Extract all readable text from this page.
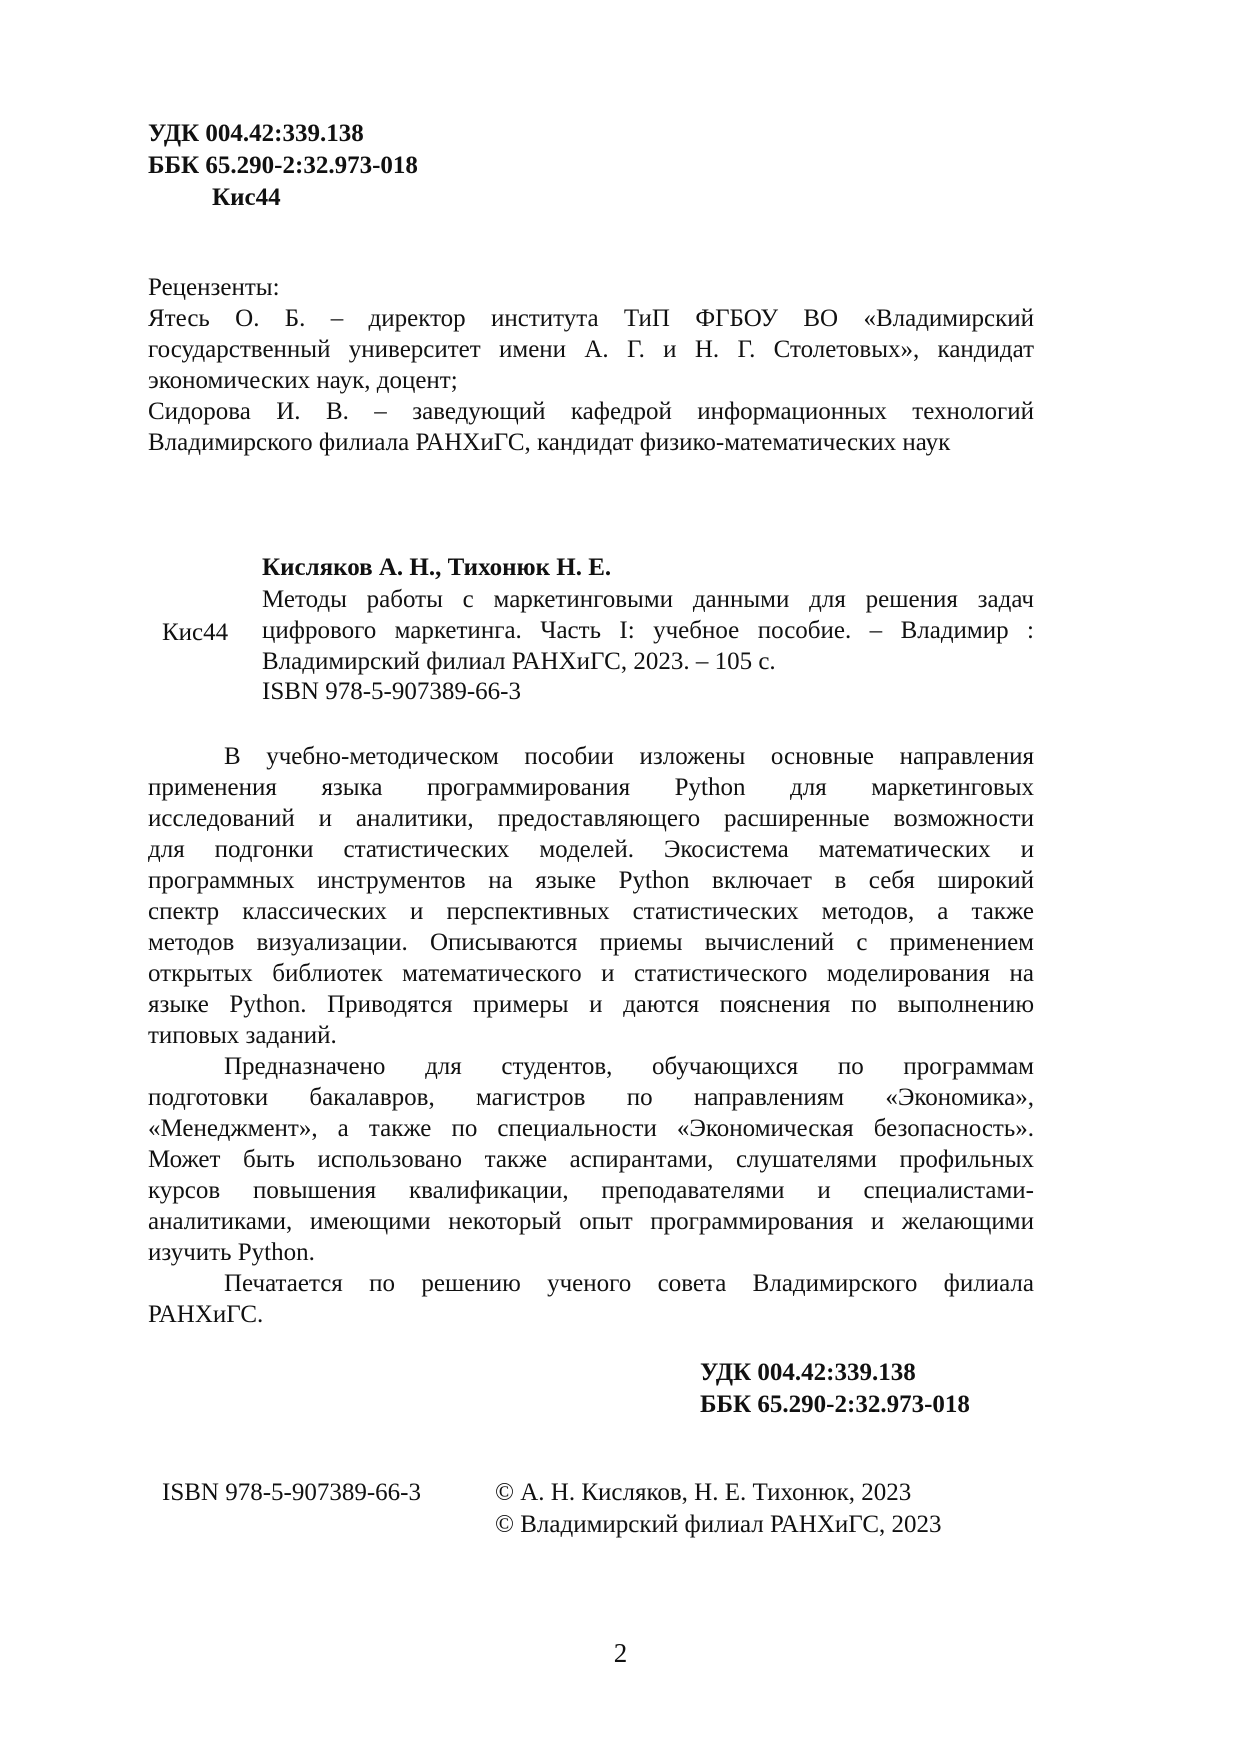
УДК 004.42:339.138
ББК 65.290-2:32.973-018
Кис44
Рецензенты:
Ятесь О. Б. – директор института ТиП ФГБОУ ВО «Владимирский
государственный университет имени А. Г. и Н. Г. Столетовых», кандидат
экономических наук, доцент;
Сидорова И. В. – заведующий кафедрой информационных технологий
Владимирского филиала РАНХиГС, кандидат физико-математических наук
Кис44
Кисляков А. Н., Тихонюк Н. Е.
Методы работы с маркетинговыми данными для решения задач
цифрового маркетинга. Часть I: учебное пособие. – Владимир :
Владимирский филиал РАНХиГС, 2023. – 105 с.
ISBN 978-5-907389-66-3
В учебно-методическом пособии изложены основные направления
применения языка программирования Python для маркетинговых
исследований и аналитики, предоставляющего расширенные возможности
для подгонки статистических моделей. Экосистема математических и
программных инструментов на языке Python включает в себя широкий
спектр классических и перспективных статистических методов, а также
методов визуализации. Описываются приемы вычислений с применением
открытых библиотек математического и статистического моделирования на
языке Python. Приводятся примеры и даются пояснения по выполнению
типовых заданий.
Предназначено для студентов, обучающихся по программам
подготовки бакалавров, магистров по направлениям «Экономика»,
«Менеджмент», а также по специальности «Экономическая безопасность».
Может быть использовано также аспирантами, слушателями профильных
курсов повышения квалификации, преподавателями и специалистами-
аналитиками, имеющими некоторый опыт программирования и желающими
изучить Python.
Печатается по решению ученого совета Владимирского филиала
РАНХиГС.
УДК 004.42:339.138
ББК 65.290-2:32.973-018
ISBN 978-5-907389-66-3	© А. Н. Кисляков, Н. Е. Тихонюк, 2023
© Владимирский филиал РАНХиГС, 2023
2
